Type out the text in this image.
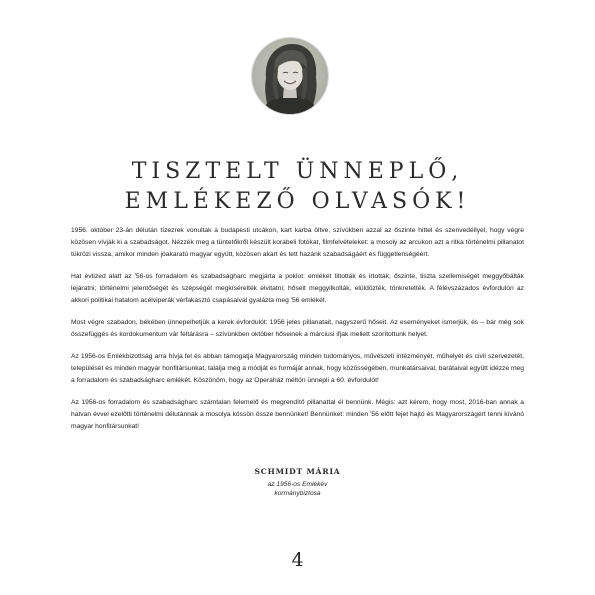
TISZTELT ÜNNEPLŐ,
EMLÉKEZŐ OLVASÓK!

1956. október 23-án délután tízezrek vonultak a budapesti utcákon, kart karba öltve, szívükben azzal az őszinte hittel és szenvedéllyel, hogy végre közösen vívják ki a szabadságot. Nézzék meg a tüntetőkről készült korabeli fotókat, filmfelvételeket: a mosoly az arcukon azt a ritka történelmi pillanatot tükrözi vissza, amikor minden jóakaratú magyar együtt, közösen akart és tett hazánk szabadságáért és függetlenségéért.

Hat évtized alatt az '56-os forradalom és szabadságharc megjárta a poklot: emlékét tiltották és irtották; őszinte, tiszta szellemiségét meggyőbálták lejáratni; történelmi jelentőségét és szépségét megkísérelték elvitatni; hőseit meggyilkolták, elüldözték, tönkretették. A félévszázados évfordulón az akkori politikai hatalom acélviperák vérfakasztó csapásaival gyalázta meg '56 emlékét.

Most végre szabadon, békében ünnepelhetjük a kerek évfordulót: 1956 jeles pillanatait, nagyszerű hőseit. Az eseményeket ismerjük, és – bár még sok összefüggés és kordokumentum vár feltárásra – szívünkben október hőseinek a márciusi ifjak mellett szorítottunk helyet.

Az 1956-os Emlékbizottság arra hívja fel és abban támogatja Magyarország minden tudományos, művészeti intézményét, műhelyét és civil szervezetét, települését és minden magyar honfitársunkat, találja meg a módját és formáját annak, hogy közösségében, munkatársaival, barátaival együtt idézze meg a forradalom és szabadságharc emlékét. Köszönöm, hogy az Operaház méltón ünnepli a 60. évfordulót!

Az 1956-os forradalom és szabadságharc számtalan felemelő és megrendítő pillanattal él bennünk. Mégis: azt kérem, hogy most, 2016-ban annak a hatvan évvel ezelőtti történelmi délutánnak a mosolya kössön össze bennünket! Bennünket: minden '56 előtt fejet hajtó és Magyarországért tenni kívánó magyar honfitársunkat!

SCHMIDT MÁRIA
az 1956-os Emlékév
kormánybiztosa
4
